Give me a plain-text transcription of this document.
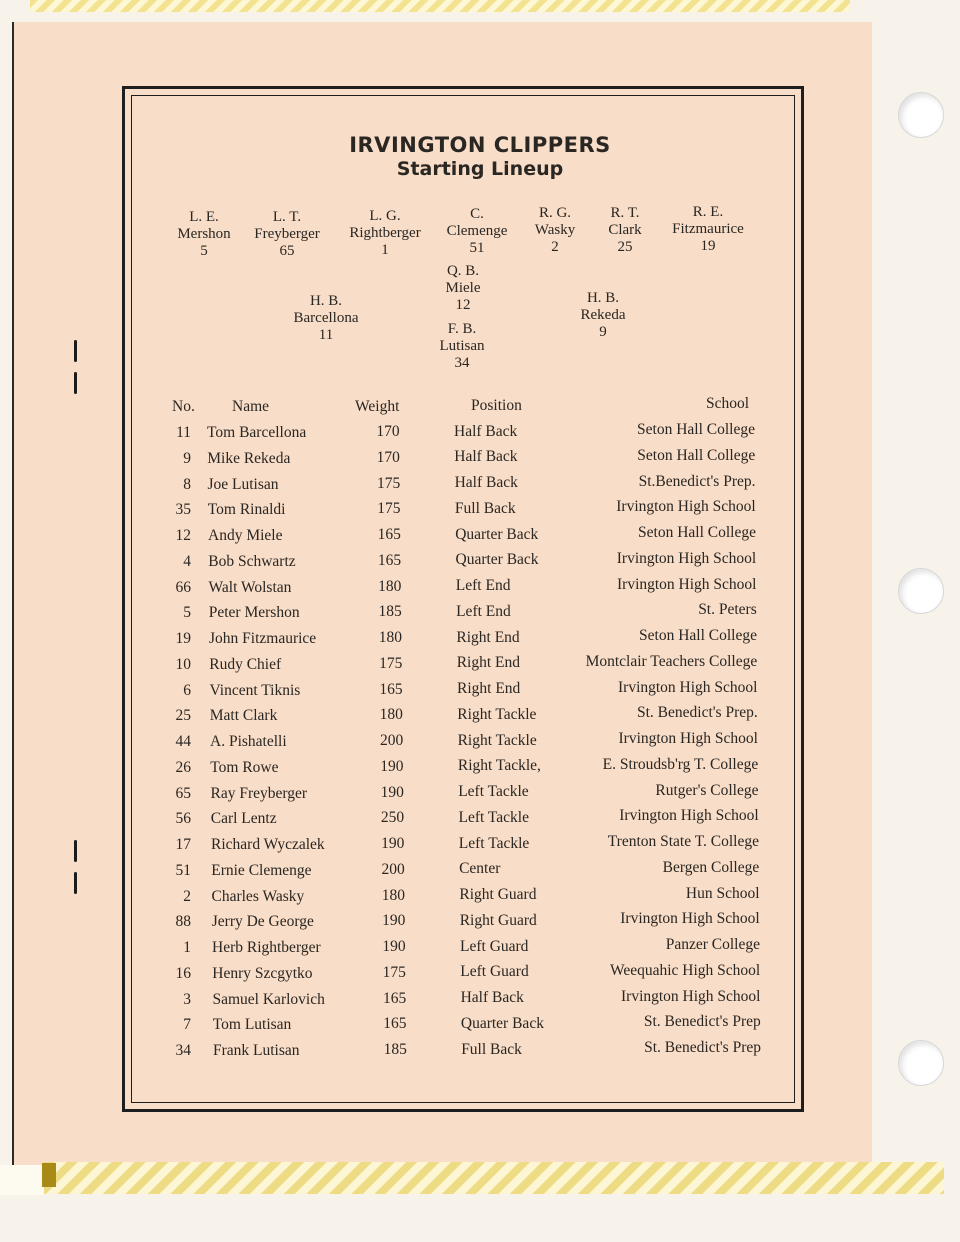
IRVINGTON CLIPPERS
Starting Lineup
L. E.
Mershon
5
L. T.
Freyberger
65
L. G.
Rightberger
1
C.
Clemenge
51
R. G.
Wasky
2
R. T.
Clark
25
R. E.
Fitzmaurice
19
Q. B.
Miele
12
H. B.
Barcellona
11
H. B.
Rekeda
9
F. B.
Lutisan
34
No. Name	Weight	Position	School
11 Tom Barcellona	170	Half Back	Seton Hall College
9 Mike Rekeda	170	Half Back	Seton Hall College
8 Joe Lutisan	175	Half Back	St.Benedict's Prep.
35 Tom Rinaldi	175	Full Back	Irvington High School
12 Andy Miele	165	Quarter Back	Seton Hall College
4 Bob Schwartz	165	Quarter Back	Irvington High School
66 Walt Wolstan	180	Left End	Irvington High School
5 Peter Mershon	185	Left End	St. Peters
19 John Fitzmaurice	180	Right End	Seton Hall College
10 Rudy Chief	175	Right End	Montclair Teachers College
6 Vincent Tiknis	165	Right End	Irvington High School
25 Matt Clark	180	Right Tackle	St. Benedict's Prep.
44 A. Pishatelli	200	Right Tackle	Irvington High School
26 Tom Rowe	190	Right Tackle,	E. Stroudsb'rg T. College
65 Ray Freyberger	190	Left Tackle	Rutger's College
56 Carl Lentz	250	Left Tackle	Irvington High School
17 Richard Wyczalek	190	Left Tackle	Trenton State T. College
51 Ernie Clemenge	200	Center	Bergen College
2 Charles Wasky	180	Right Guard	Hun School
88 Jerry De George	190	Right Guard	Irvington High School
1 Herb Rightberger	190	Left Guard	Panzer College
16 Henry Szcgytko	175	Left Guard	Weequahic High School
3 Samuel Karlovich	165	Half Back	Irvington High School
7 Tom Lutisan	165	Quarter Back	St. Benedict's Prep
34 Frank Lutisan	185	Full Back	St. Benedict's Prep
